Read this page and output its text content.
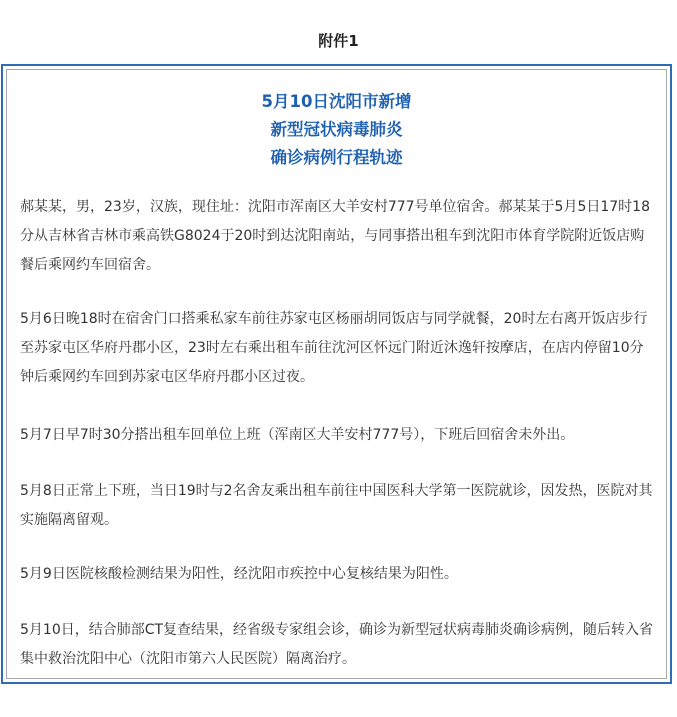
附件1
5月10日沈阳市新增
新型冠状病毒肺炎
确诊病例行程轨迹

郝某某，男，23岁，汉族，现住址：沈阳市浑南区大羊安村777号单位宿舍。郝某某于5月5日17时18分从吉林省吉林市乘高铁G8024于20时到达沈阳南站，与同事搭出租车到沈阳市体育学院附近饭店购餐后乘网约车回宿舍。

5月6日晚18时在宿舍门口搭乘私家车前往苏家屯区杨丽胡同饭店与同学就餐，20时左右离开饭店步行至苏家屯区华府丹郡小区，23时左右乘出租车前往沈河区怀远门附近沐逸轩按摩店，在店内停留10分钟后乘网约车回到苏家屯区华府丹郡小区过夜。

5月7日早7时30分搭出租车回单位上班（浑南区大羊安村777号），下班后回宿舍未外出。

5月8日正常上下班，当日19时与2名舍友乘出租车前往中国医科大学第一医院就诊，因发热，医院对其实施隔离留观。

5月9日医院核酸检测结果为阳性，经沈阳市疾控中心复核结果为阳性。

5月10日，结合肺部CT复查结果，经省级专家组会诊，确诊为新型冠状病毒肺炎确诊病例，随后转入省集中救治沈阳中心（沈阳市第六人民医院）隔离治疗。
